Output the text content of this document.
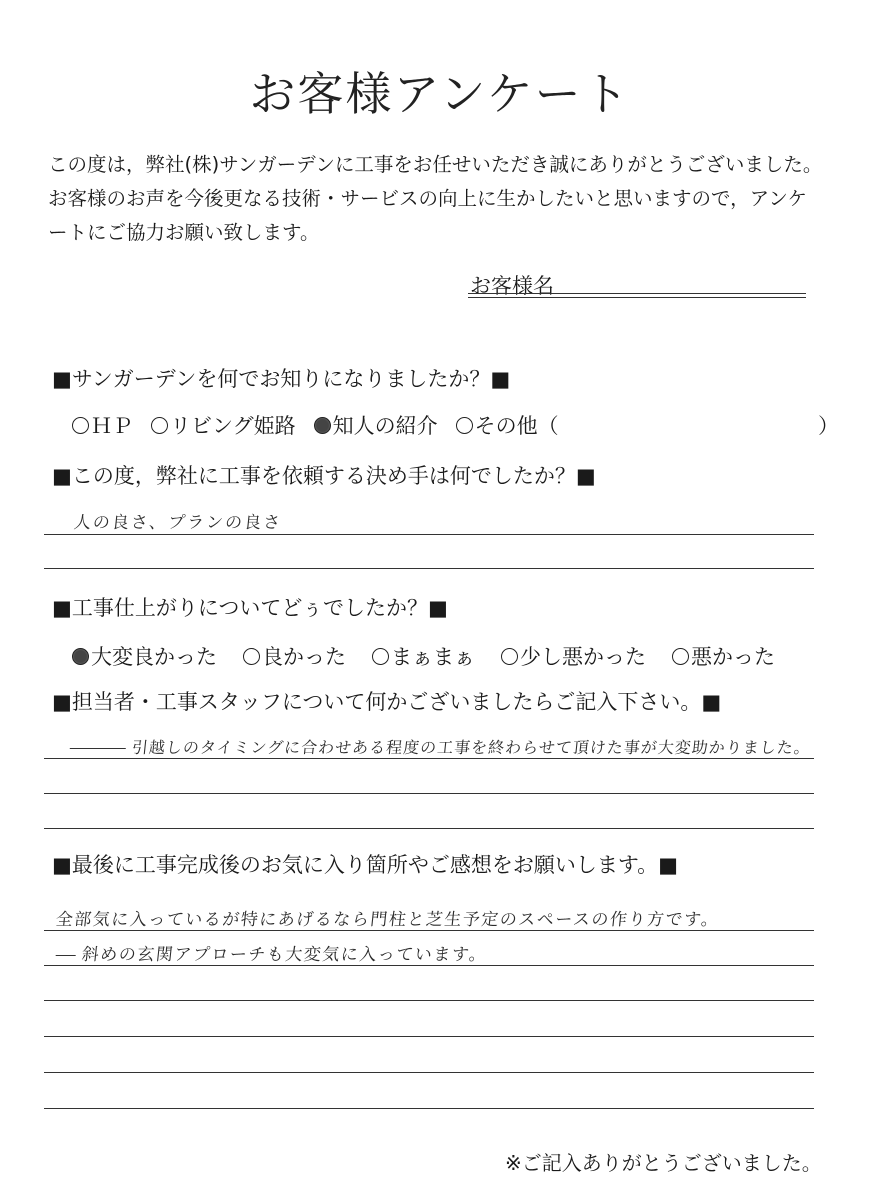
お客様アンケート
この度は，弊社(株)サンガーデンに工事をお任せいただき誠にありがとうございました。
お客様のお声を今後更なる技術・サービスの向上に生かしたいと思いますので，アンケ
ートにご協力お願い致します。
お客様名
■サンガーデンを何でお知りになりましたか？■
ＨＰ リビング姫路 知人の紹介 その他（	）
■この度，弊社に工事を依頼する決め手は何でしたか？■
人の良さ、プランの良さ
■工事仕上がりについてどぅでしたか？■
大変良かった 良かった まぁまぁ 少し悪かった 悪かった
■担当者・工事スタッフについて何かございましたらご記入下さい。■
引越しのタイミングに合わせある程度の工事を終わらせて頂けた事が大変助かりました。
■最後に工事完成後のお気に入り箇所やご感想をお願いします。■
全部気に入っているが特にあげるなら門柱と芝生予定のスペースの作り方です。
斜めの玄関アプローチも大変気に入っています。
※ご記入ありがとうございました。
